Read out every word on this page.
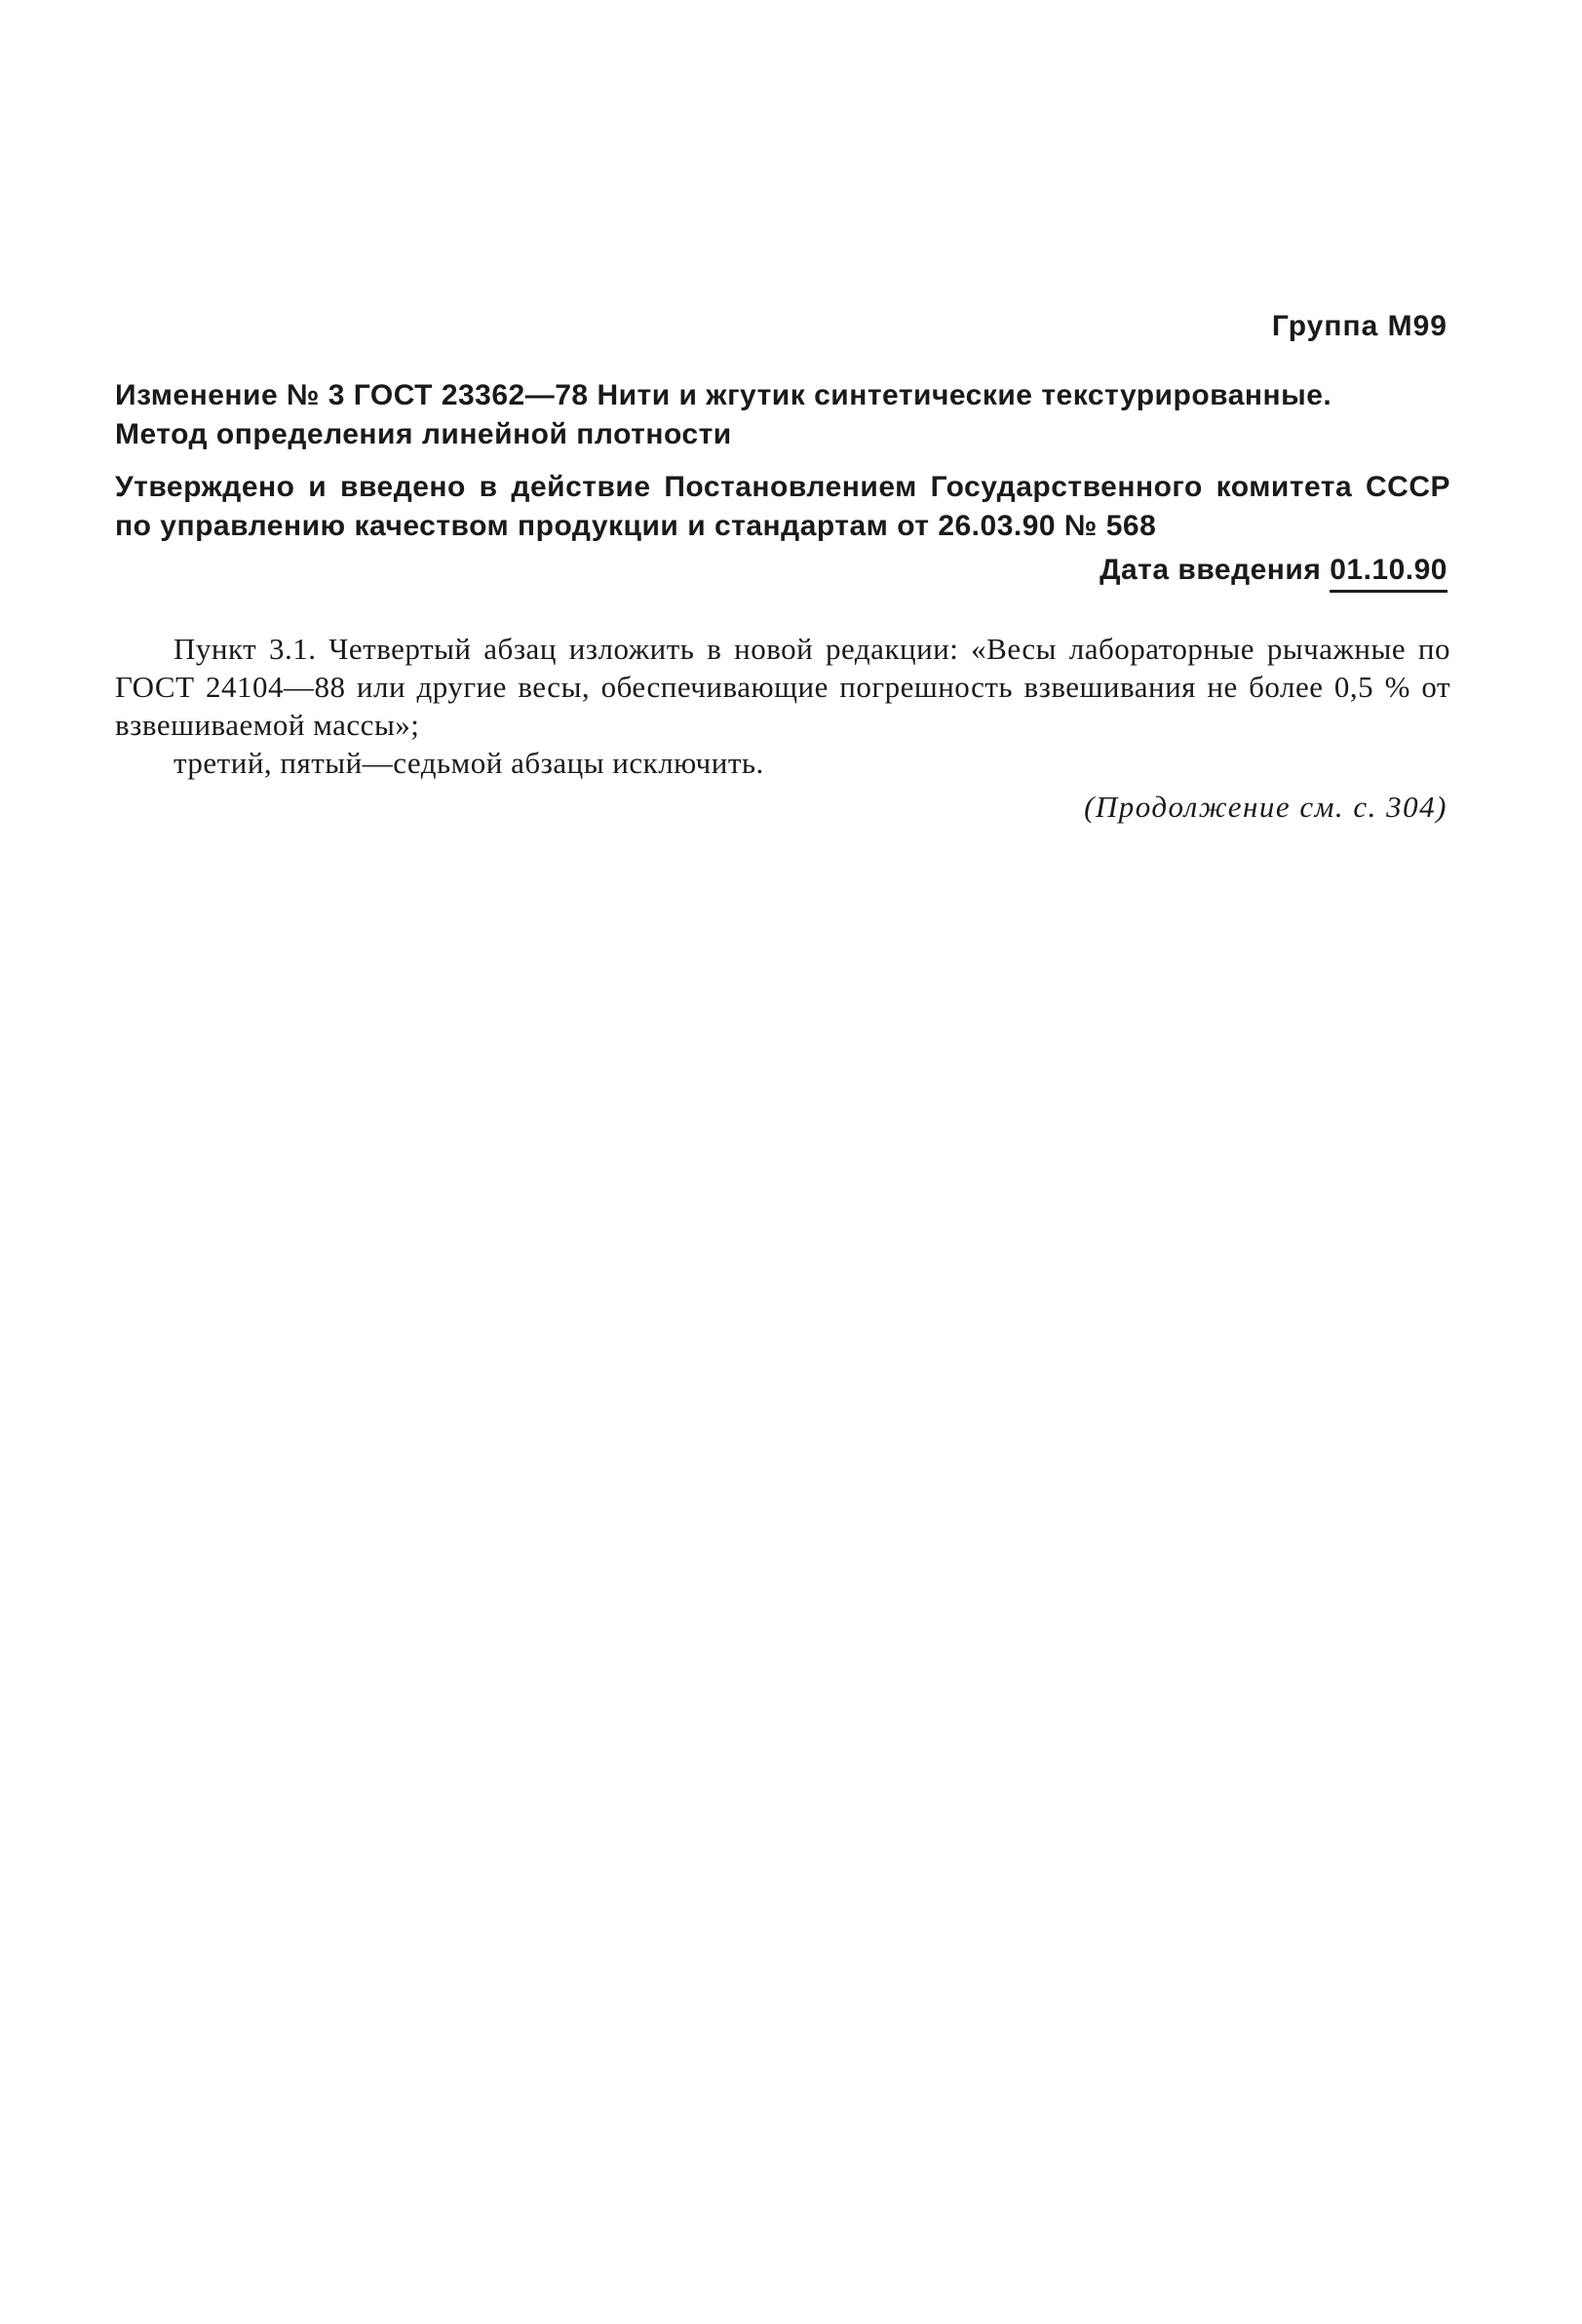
Группа М99
Изменение № 3 ГОСТ 23362—78 Нити и жгутик синтетические текстурированные.
Метод определения линейной плотности
Утверждено и введено в действие Постановлением Государственного комитета СССР по управлению качеством продукции и стандартам от 26.03.90 № 568
Дата введения 01.10.90

Пункт 3.1. Четвертый абзац изложить в новой редакции: «Весы лабораторные рычажные по ГОСТ 24104—88 или другие весы, обеспечивающие погрешность взвешивания не более 0,5 % от взвешиваемой массы»;

третий, пятый—седьмой абзацы исключить.

(Продолжение см. с. 304)
